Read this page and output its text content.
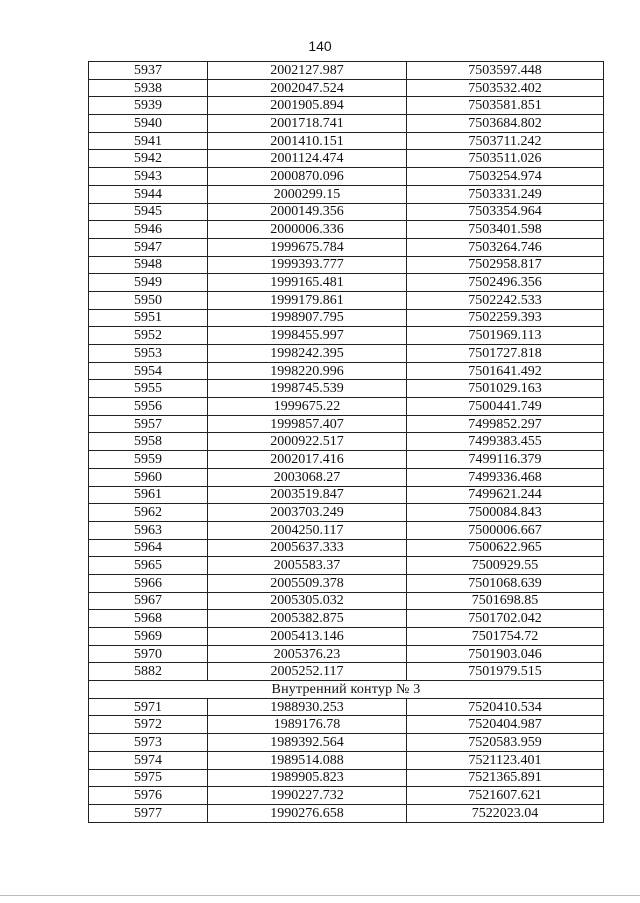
140
5937	2002127.987	7503597.448
5938	2002047.524	7503532.402
5939	2001905.894	7503581.851
5940	2001718.741	7503684.802
5941	2001410.151	7503711.242
5942	2001124.474	7503511.026
5943	2000870.096	7503254.974
5944	2000299.15	7503331.249
5945	2000149.356	7503354.964
5946	2000006.336	7503401.598
5947	1999675.784	7503264.746
5948	1999393.777	7502958.817
5949	1999165.481	7502496.356
5950	1999179.861	7502242.533
5951	1998907.795	7502259.393
5952	1998455.997	7501969.113
5953	1998242.395	7501727.818
5954	1998220.996	7501641.492
5955	1998745.539	7501029.163
5956	1999675.22	7500441.749
5957	1999857.407	7499852.297
5958	2000922.517	7499383.455
5959	2002017.416	7499116.379
5960	2003068.27	7499336.468
5961	2003519.847	7499621.244
5962	2003703.249	7500084.843
5963	2004250.117	7500006.667
5964	2005637.333	7500622.965
5965	2005583.37	7500929.55
5966	2005509.378	7501068.639
5967	2005305.032	7501698.85
5968	2005382.875	7501702.042
5969	2005413.146	7501754.72
5970	2005376.23	7501903.046
5882	2005252.117	7501979.515
Внутренний контур № 3		
5971	1988930.253	7520410.534
5972	1989176.78	7520404.987
5973	1989392.564	7520583.959
5974	1989514.088	7521123.401
5975	1989905.823	7521365.891
5976	1990227.732	7521607.621
5977	1990276.658	7522023.04
